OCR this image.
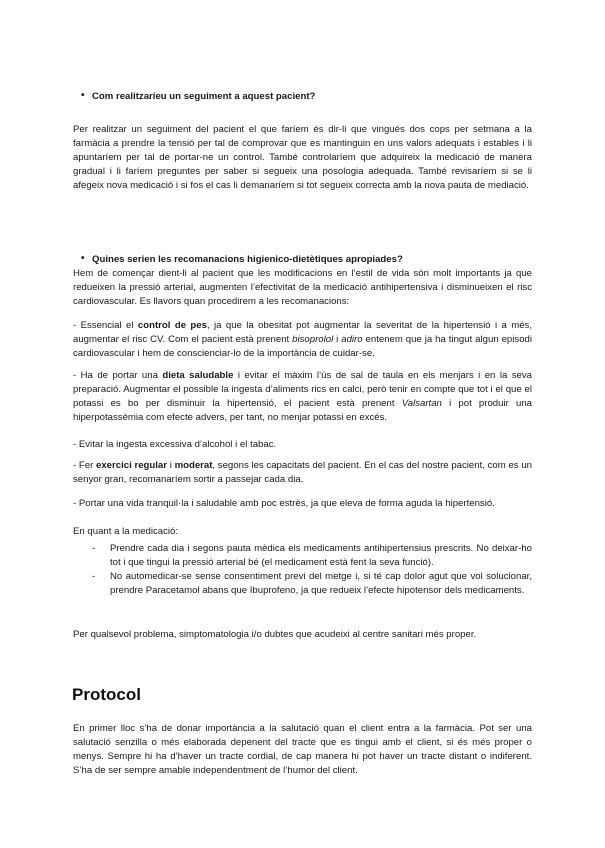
• Com realitzarieu un seguiment a aquest pacient?

Per realitzar un seguiment del pacient el que faríem és dir-li que vingués dos cops per setmana a la farmàcia a prendre la tensió per tal de comprovar que es mantinguin en uns valors adequats i estables i li apuntaríem per tal de portar-ne un control. També controlaríem que adquireix la medicació de manera gradual i li faríem preguntes per saber si segueix una posologia adequada. També revisaríem si se li afegeix nova medicació i si fos el cas li demanaríem si tot segueix correcta amb la nova pauta de mediació.

• Quines serien les recomanacions higienico-dietètiques apropiades?

Hem de començar dient-li al pacient que les modificacions en l’estil de vida són molt importants ja que redueixen la pressió arterial, augmenten l’efectivitat de la medicació antihipertensiva i disminueixen el risc cardiovascular. Es llavors quan procedirem a les recomanacions:

- Essencial el control de pes, ja que la obesitat pot augmentar la severitat de la hipertensió i a més, augmentar el risc CV. Com el pacient està prenent bisoprolol i adiro entenem que ja ha tingut algun episodi cardiovascular i hem de conscienciar-lo de la importància de cuidar-se.

- Ha de portar una dieta saludable i evitar el màxim l’ús de sal de taula en els menjars i en la seva preparació. Augmentar el possible la ingesta d’aliments rics en calci, però tenir en compte que tot i el que el potassi es bo per disminuir la hipertensió, el pacient està prenent Valsartan i pot produir una hiperpotassèmia com efecte advers, per tant, no menjar potassi en excés.

- Evitar la ingesta excessiva d’alcohol i el tabac.

- Fer exercici regular i moderat, segons les capacitats del pacient. En el cas del nostre pacient, com es un senyor gran, recomanaríem sortir a passejar cada dia.

- Portar una vida tranquil·la i saludable amb poc estrès, ja que eleva de forma aguda la hipertensió.

En quant a la medicació:

- Prendre cada dia i segons pauta mèdica els medicaments antihipertensius prescrits. No deixar-ho tot i que tingui la pressió arterial bé (el medicament està fent la seva funció).

- No automedicar-se sense consentiment previ del metge i, si té cap dolor agut que vol solucionar, prendre Paracetamol abans que Ibuprofeno, ja que redueix l’efecte hipotensor dels medicaments.

Per qualsevol problema, simptomatologia i/o dubtes que acudeixi al centre sanitari més proper.

Protocol

En primer lloc s’ha de donar importància a la salutació quan el client entra a la farmàcia. Pot ser una salutació senzilla o més elaborada depenent del tracte que es tingui amb el client, si és més proper o menys. Sempre hi ha d’haver un tracte cordial, de cap manera hi pot haver un tracte distant o indiferent. S’ha de ser sempre amable independentment de l’humor del client.
